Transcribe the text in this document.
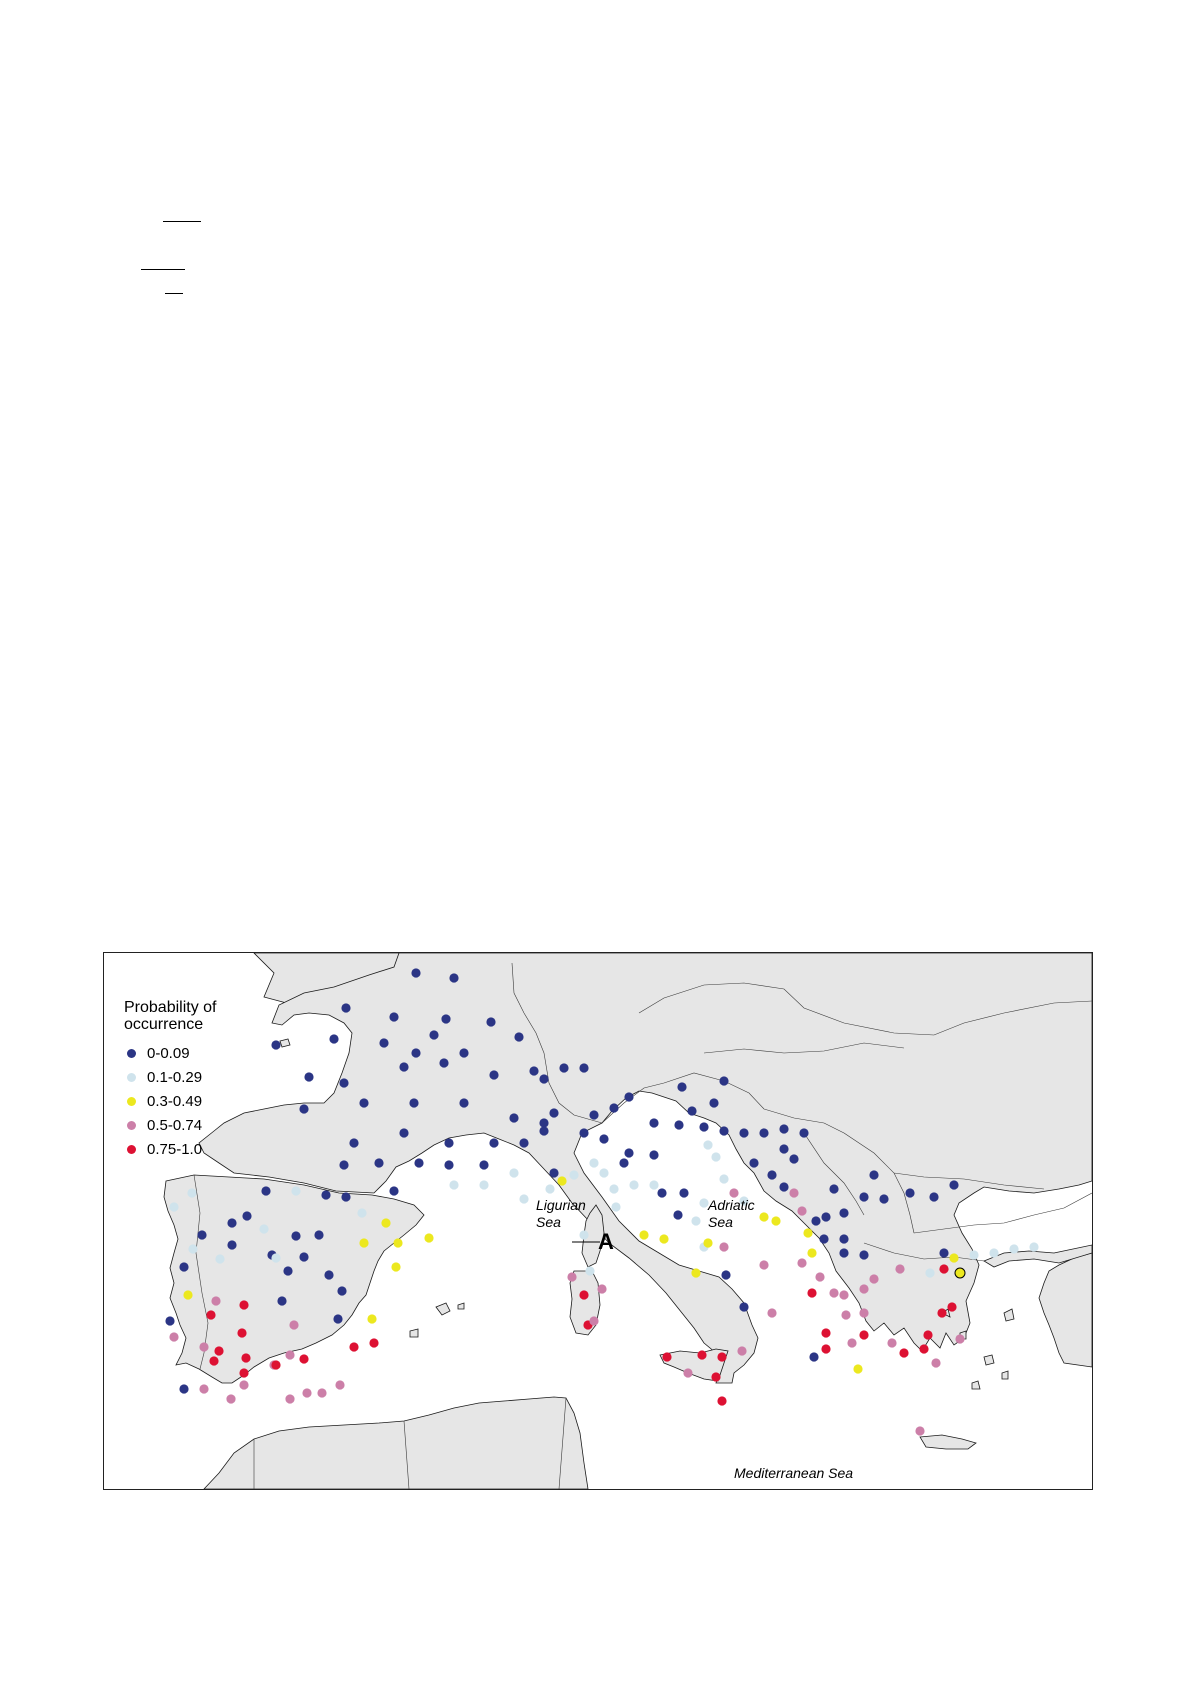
Probability of
occurrence
0-0.09
0.1-0.29
0.3-0.49
0.5-0.74
0.75-1.0
Ligurian
Sea
Adriatic
Sea
Mediterranean Sea
A
